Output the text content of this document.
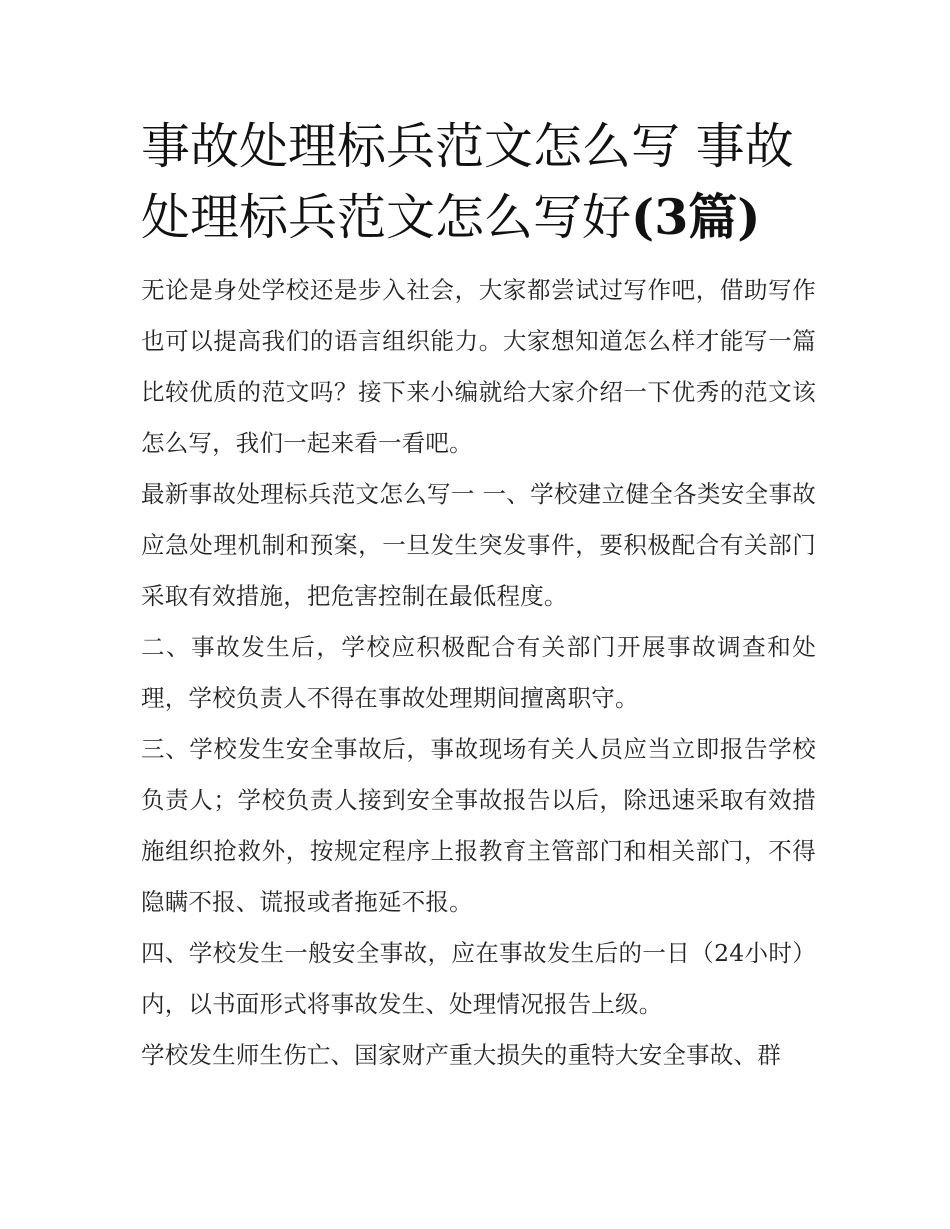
事故处理标兵范文怎么写 事故处理标兵范文怎么写好(3篇)

无论是身处学校还是步入社会，大家都尝试过写作吧，借助写作也可以提高我们的语言组织能力。大家想知道怎么样才能写一篇比较优质的范文吗？接下来小编就给大家介绍一下优秀的范文该怎么写，我们一起来看一看吧。

最新事故处理标兵范文怎么写一 一、学校建立健全各类安全事故应急处理机制和预案，一旦发生突发事件，要积极配合有关部门采取有效措施，把危害控制在最低程度。

二、事故发生后，学校应积极配合有关部门开展事故调查和处理，学校负责人不得在事故处理期间擅离职守。

三、学校发生安全事故后，事故现场有关人员应当立即报告学校负责人；学校负责人接到安全事故报告以后，除迅速采取有效措施组织抢救外，按规定程序上报教育主管部门和相关部门，不得隐瞒不报、谎报或者拖延不报。

四、学校发生一般安全事故，应在事故发生后的一日（24小时）内，以书面形式将事故发生、处理情况报告上级。

学校发生师生伤亡、国家财产重大损失的重特大安全事故、群
